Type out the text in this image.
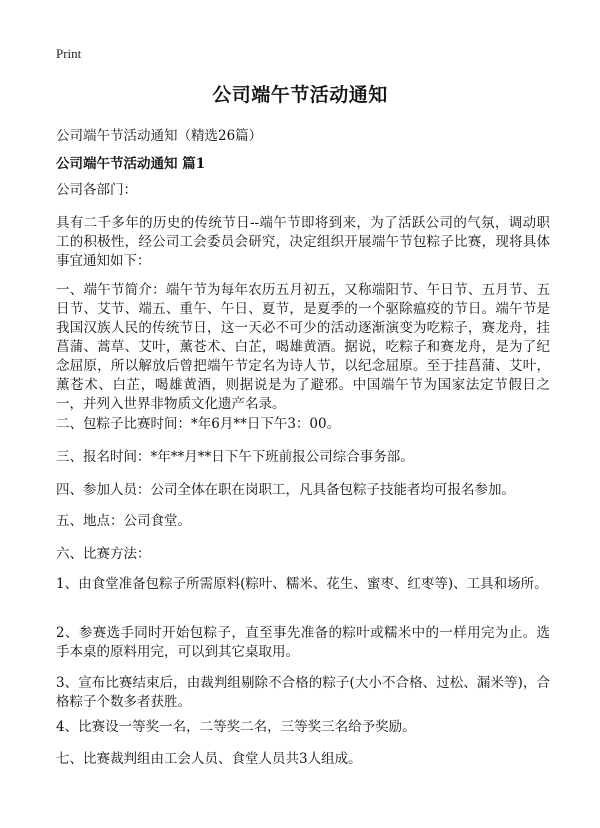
Print
公司端午节活动通知
公司端午节活动通知（精选26篇）
公司端午节活动通知 篇1

公司各部门：

具有二千多年的历史的传统节日--端午节即将到来，为了活跃公司的气氛，调动职工的积极性，经公司工会委员会研究，决定组织开展端午节包粽子比赛，现将具体事宜通知如下：

一、端午节简介：端午节为每年农历五月初五，又称端阳节、午日节、五月节、五日节、艾节、端五、重午、午日、夏节，是夏季的一个驱除瘟疫的节日。端午节是我国汉族人民的传统节日，这一天必不可少的活动逐渐演变为吃粽子，赛龙舟，挂菖蒲、蒿草、艾叶，薰苍术、白芷，喝雄黄酒。据说，吃粽子和赛龙舟，是为了纪念屈原，所以解放后曾把端午节定名为诗人节，以纪念屈原。至于挂菖蒲、艾叶，薰苍术、白芷，喝雄黄酒，则据说是为了避邪。中国端午节为国家法定节假日之一，并列入世界非物质文化遗产名录。

二、包粽子比赛时间：*年6月**日下午3：00。

三、报名时间：*年**月**日下午下班前报公司综合事务部。

四、参加人员：公司全体在职在岗职工，凡具备包粽子技能者均可报名参加。

五、地点：公司食堂。

六、比赛方法：

1、由食堂准备包粽子所需原料(粽叶、糯米、花生、蜜枣、红枣等)、工具和场所。

2、参赛选手同时开始包粽子，直至事先准备的粽叶或糯米中的一样用完为止。选手本桌的原料用完，可以到其它桌取用。

3、宣布比赛结束后，由裁判组剔除不合格的粽子(大小不合格、过松、漏米等)，合格粽子个数多者获胜。

4、比赛设一等奖一名，二等奖二名，三等奖三名给予奖励。

七、比赛裁判组由工会人员、食堂人员共3人组成。
